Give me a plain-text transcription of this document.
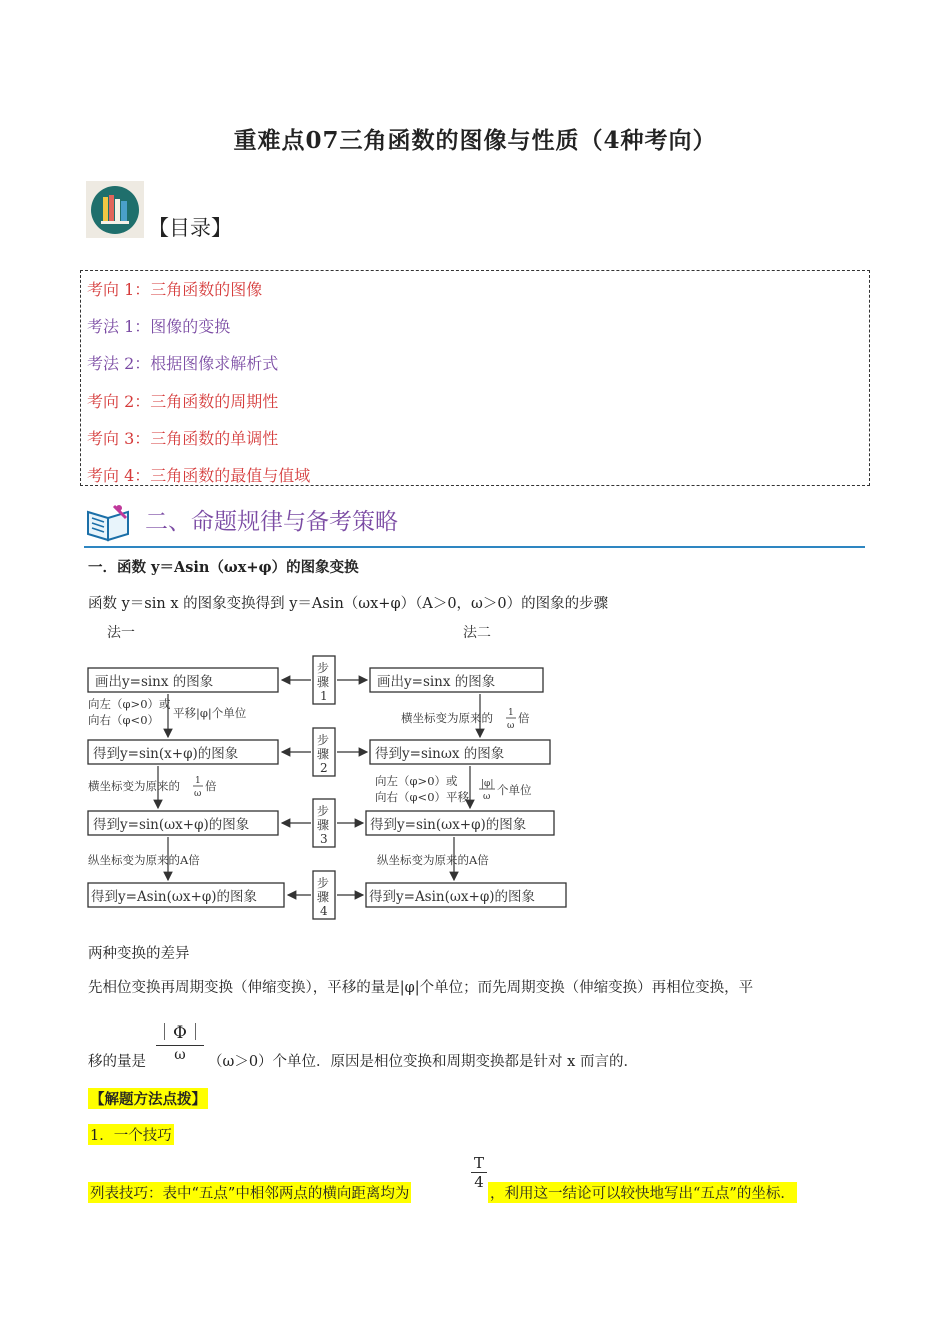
重难点07三角函数的图像与性质（4种考向）
【目录】
考向 1：三角函数的图像
考法 1：图像的变换
考法 2：根据图像求解析式
考向 2：三角函数的周期性
考向 3：三角函数的单调性
考向 4：三角函数的最值与值域
二、命题规律与备考策略
一．函数 y＝Asin（ωx+φ）的图象变换
函数 y＝sin x 的图象变换得到 y＝Asin（ωx+φ）（A＞0，ω＞0）的图象的步骤
法一	法二
画出y=sinx 的图象
得到y=sin(x+φ)的图象
得到y=sin(ωx+φ)的图象
得到y=Asin(ωx+φ)的图象
画出y=sinx 的图象
得到y=sinωx 的图象
得到y=sin(ωx+φ)的图象
得到y=Asin(ωx+φ)的图象
步
骤
1
步
骤
2
步
骤
3
步
骤
4
向左（φ>0）或
向右（φ<0） 平移|φ|个单位
横坐标变为原来的 1
ω
倍
纵坐标变为原来的A倍
横坐标变为原来的 1
ω
倍
向左（φ>0）或
向右（φ<0）平移
|φ|
ω 个单位
纵坐标变为原来的A倍
两种变换的差异
先相位变换再周期变换（伸缩变换），平移的量是|φ|个单位；而先周期变换（伸缩变换）再相位变换，平
移的量是
｜Φ｜
ω	（ω＞0）个单位．原因是相位变换和周期变换都是针对 x 而言的．
【解题方法点拨】
1．一个技巧
列表技巧：表中“五点”中相邻两点的横向距离均为
$\frac{T}{4}$
，利用这一结论可以较快地写出“五点”的坐标．
